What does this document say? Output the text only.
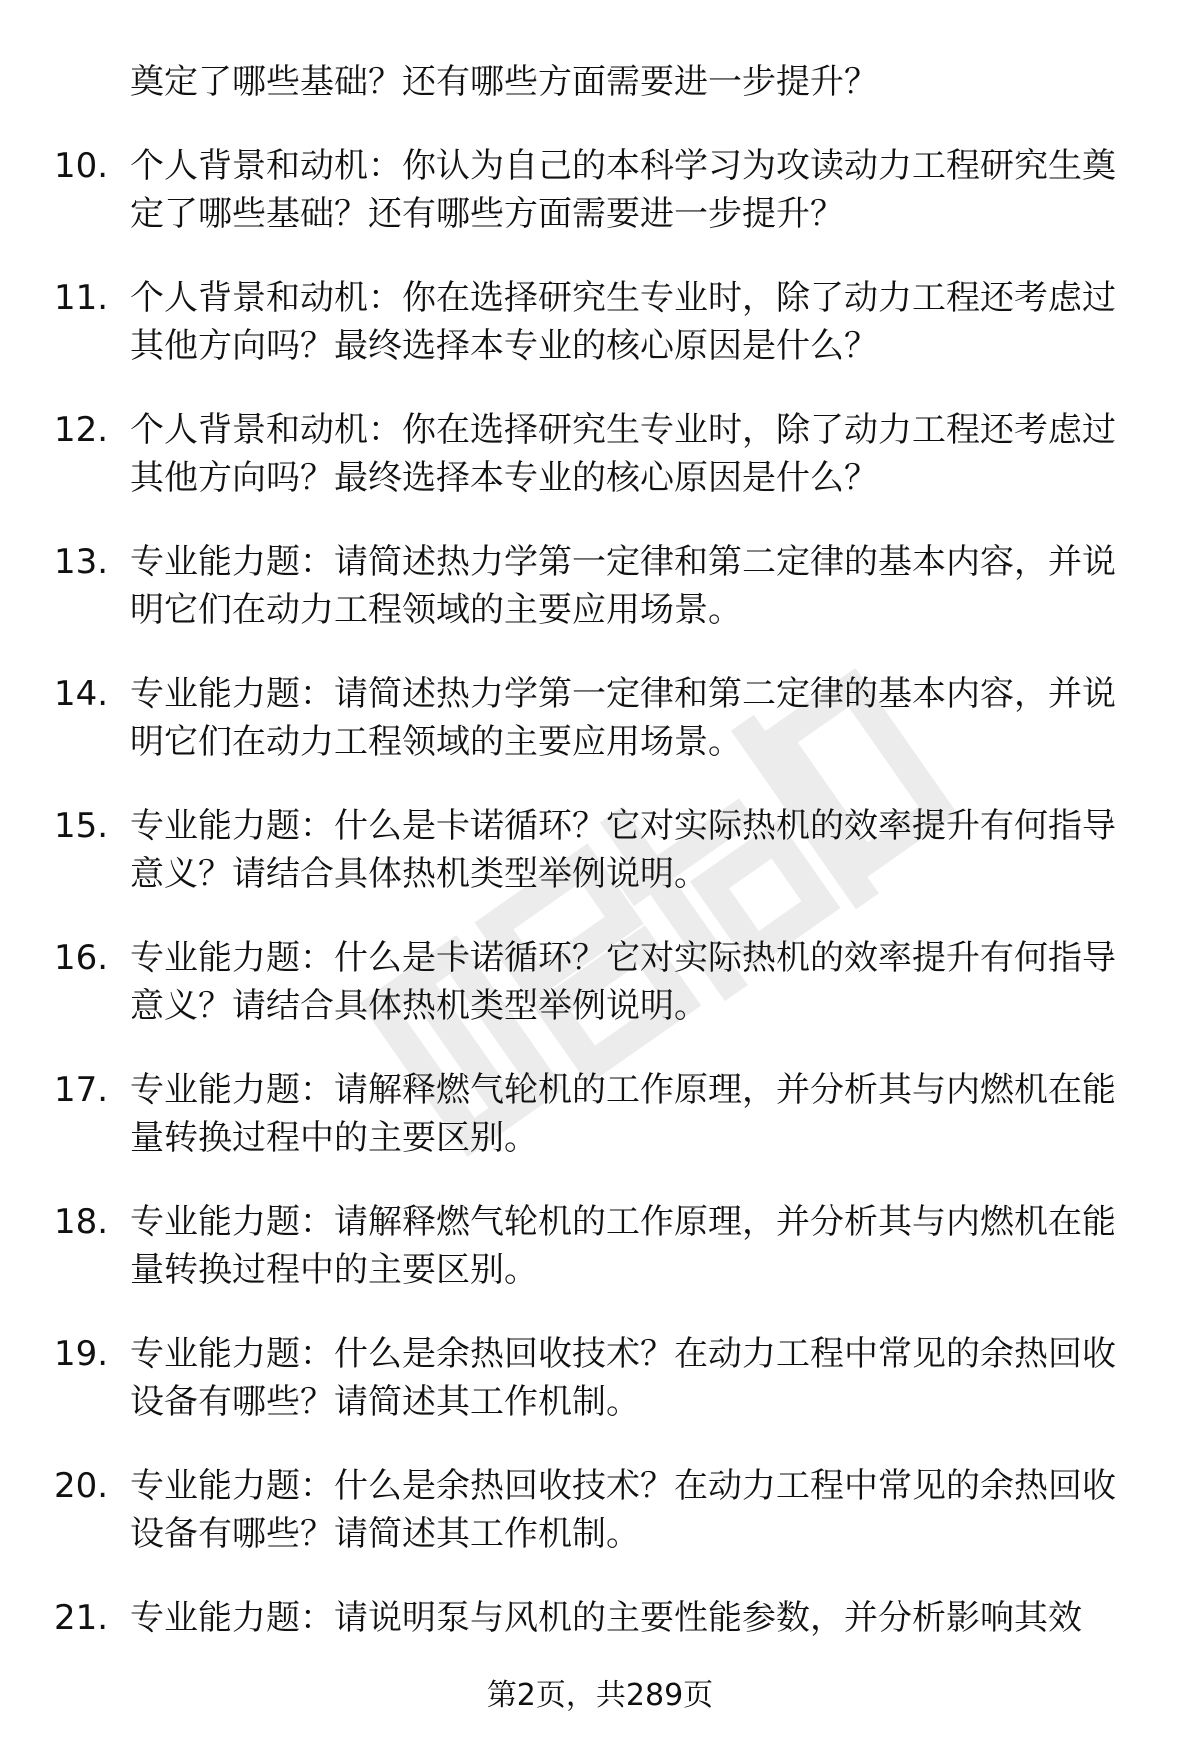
奠定了哪些基础？还有哪些方面需要进一步提升？
10. 个人背景和动机：你认为自己的本科学习为攻读动力工程研究生奠定了哪些基础？还有哪些方面需要进一步提升？
11. 个人背景和动机：你在选择研究生专业时，除了动力工程还考虑过其他方向吗？最终选择本专业的核心原因是什么？
12. 个人背景和动机：你在选择研究生专业时，除了动力工程还考虑过其他方向吗？最终选择本专业的核心原因是什么？
13. 专业能力题：请简述热力学第一定律和第二定律的基本内容，并说明它们在动力工程领域的主要应用场景。
14. 专业能力题：请简述热力学第一定律和第二定律的基本内容，并说明它们在动力工程领域的主要应用场景。
15. 专业能力题：什么是卡诺循环？它对实际热机的效率提升有何指导意义？请结合具体热机类型举例说明。
16. 专业能力题：什么是卡诺循环？它对实际热机的效率提升有何指导意义？请结合具体热机类型举例说明。
17. 专业能力题：请解释燃气轮机的工作原理，并分析其与内燃机在能量转换过程中的主要区别。
18. 专业能力题：请解释燃气轮机的工作原理，并分析其与内燃机在能量转换过程中的主要区别。
19. 专业能力题：什么是余热回收技术？在动力工程中常见的余热回收设备有哪些？请简述其工作机制。
20. 专业能力题：什么是余热回收技术？在动力工程中常见的余热回收设备有哪些？请简述其工作机制。
21. 专业能力题：请说明泵与风机的主要性能参数，并分析影响其效
第2页，共289页
